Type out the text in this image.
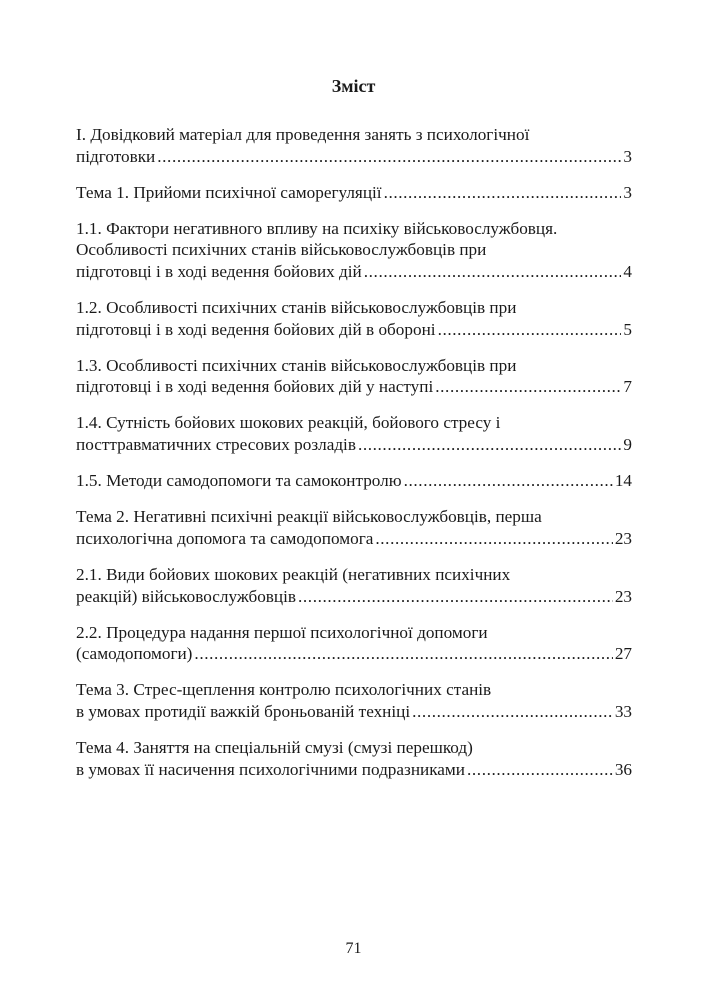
Зміст
І. Довідковий матеріал для проведення занять з психологічної
підготовки .....	3
Тема 1. Прийоми психічної саморегуляції .....	3
1.1. Фактори негативного впливу на психіку військовослужбовця.
Особливості психічних станів військовослужбовців при
підготовці і в ході ведення бойових дій .....	4
1.2. Особливості психічних станів військовослужбовців при
підготовці і в ході ведення бойових дій в обороні .....	5
1.3. Особливості психічних станів військовослужбовців при
підготовці і в ході ведення бойових дій у наступі .....	7
1.4. Сутність бойових шокових реакцій, бойового стресу і
посттравматичних стресових розладів .....	9
1.5. Методи самодопомоги та самоконтролю .....	14
Тема 2. Негативні психічні реакції військовослужбовців, перша
психологічна допомога та самодопомога .....	23
2.1. Види бойових шокових реакцій (негативних психічних
реакцій) військовослужбовців .....	23
2.2. Процедура надання першої психологічної допомоги
(самодопомоги) .....	27
Тема 3. Стрес-щеплення контролю психологічних станів
в умовах протидії важкій броньованій техніці .....	33
Тема 4. Заняття на спеціальній смузі (смузі перешкод)
в умовах її насичення психологічними подразниками .....	36
71
